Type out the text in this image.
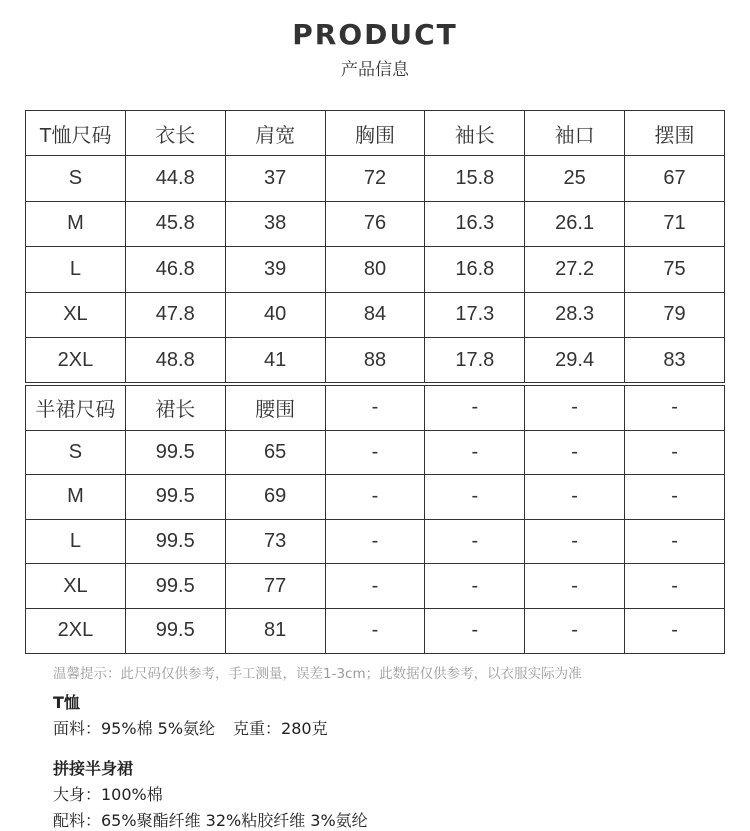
PRODUCT
产品信息
T恤尺码	衣长	肩宽	胸围	袖长	袖口	摆围
S	44.8	37	72	15.8	25	67
M	45.8	38	76	16.3	26.1	71
L	46.8	39	80	16.8	27.2	75
XL	47.8	40	84	17.3	28.3	79
2XL	48.8	41	88	17.8	29.4	83
半裙尺码	裙长	腰围	-	-	-	-
S	99.5	65	-	-	-	-
M	99.5	69	-	-	-	-
L	99.5	73	-	-	-	-
XL	99.5	77	-	-	-	-
2XL	99.5	81	-	-	-	-
温馨提示：此尺码仅供参考，手工测量，误差1-3cm；此数据仅供参考，以衣服实际为准
T恤
面料：95%棉 5%氨纶 克重：280克
拼接半身裙
大身：100%棉
配料：65%聚酯纤维 32%粘胶纤维 3%氨纶
